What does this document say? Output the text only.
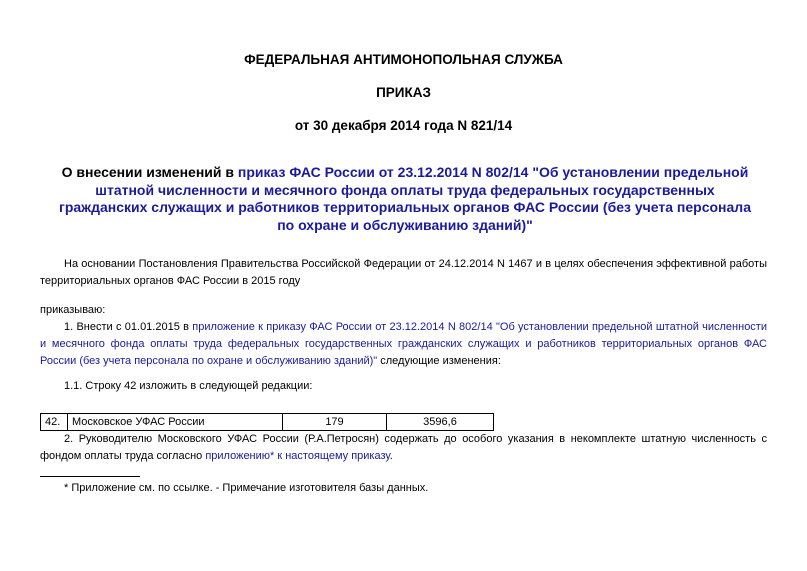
ФЕДЕРАЛЬНАЯ АНТИМОНОПОЛЬНАЯ СЛУЖБА
ПРИКАЗ
от 30 декабря 2014 года N 821/14
О внесении изменений в приказ ФАС России от 23.12.2014 N 802/14 "Об установлении предельной штатной численности и месячного фонда оплаты труда федеральных государственных гражданских служащих и работников территориальных органов ФАС России (без учета персонала по охране и обслуживанию зданий)"
На основании Постановления Правительства Российской Федерации от 24.12.2014 N 1467 и в целях обеспечения эффективной работы территориальных органов ФАС России в 2015 году
приказываю:
1. Внести с 01.01.2015 в приложение к приказу ФАС России от 23.12.2014 N 802/14 "Об установлении предельной штатной численности и месячного фонда оплаты труда федеральных государственных гражданских служащих и работников территориальных органов ФАС России (без учета персонала по охране и обслуживанию зданий)" следующие изменения:
1.1. Строку 42 изложить в следующей редакции:
42.	Московское УФАС России	179	3596,6
2. Руководителю Московского УФАС России (Р.А.Петросян) содержать до особого указания в некомплекте штатную численность с фондом оплаты труда согласно приложению* к настоящему приказу.
* Приложение см. по ссылке. - Примечание изготовителя базы данных.
